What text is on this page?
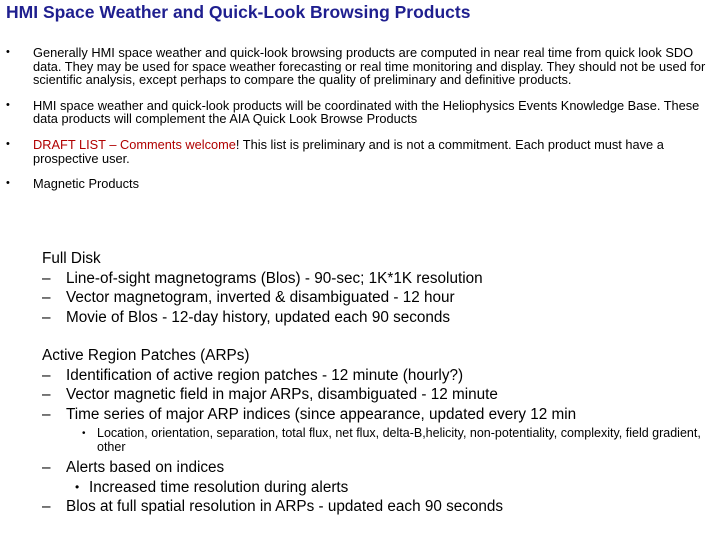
HMI Space Weather and Quick-Look Browsing Products
• Generally HMI space weather and quick-look browsing products are computed in near real time from quick look SDO data. They may be used for space weather forecasting or real time monitoring and display. They should not be used for scientific analysis, except perhaps to compare the quality of preliminary and definitive products.
• HMI space weather and quick-look products will be coordinated with the Heliophysics Events Knowledge Base. These data products will complement the AIA Quick Look Browse Products
• DRAFT LIST – Comments welcome! This list is preliminary and is not a commitment. Each product must have a prospective user.
• Magnetic Products
Full Disk
– Line-of-sight magnetograms (Blos) - 90-sec; 1K*1K resolution
– Vector magnetogram, inverted & disambiguated - 12 hour
– Movie of Blos - 12-day history, updated each 90 seconds
Active Region Patches (ARPs)
– Identification of active region patches - 12 minute (hourly?)
– Vector magnetic field in major ARPs, disambiguated - 12 minute
– Time series of major ARP indices (since appearance, updated every 12 min
• Location, orientation, separation, total flux, net flux, delta-B,helicity, non-potentiality, complexity, field gradient, other
– Alerts based on indices
• Increased time resolution during alerts
– Blos at full spatial resolution in ARPs - updated each 90 seconds
